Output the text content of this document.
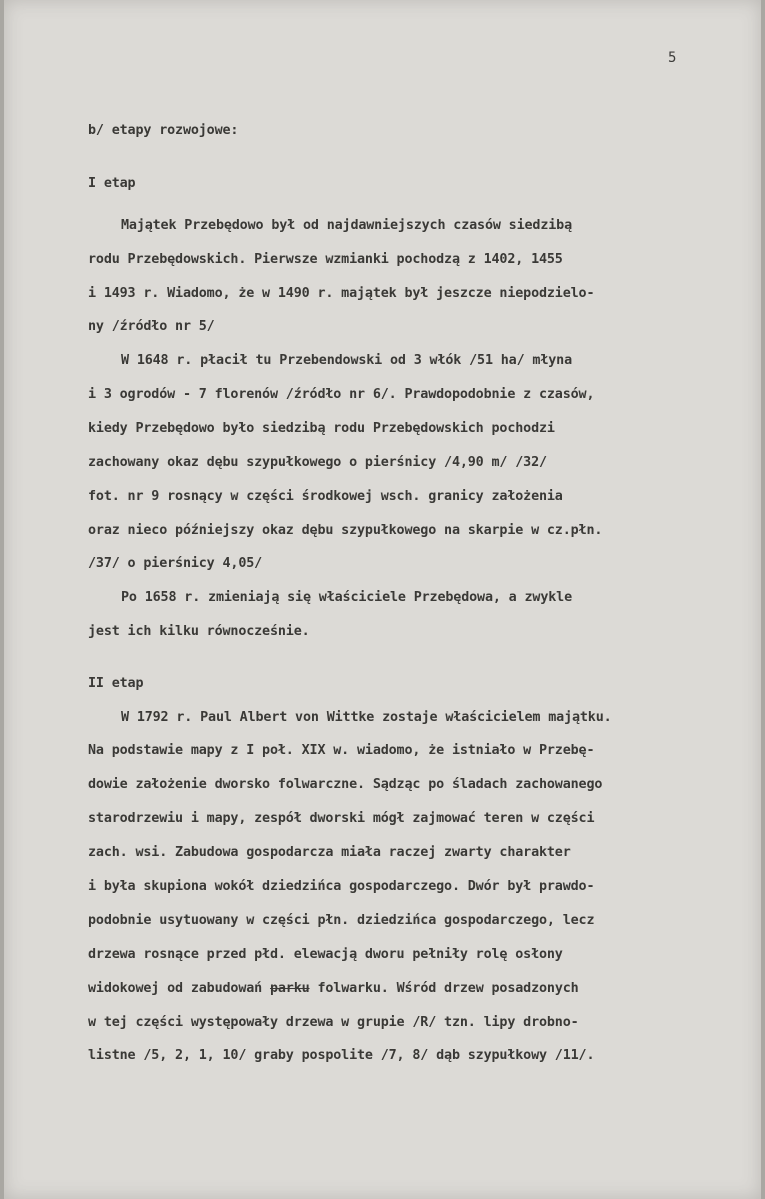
5
b/ etapy rozwojowe:
I etap
Majątek Przebędowo był od najdawniejszych czasów siedzibą
rodu Przebędowskich. Pierwsze wzmianki pochodzą z 1402, 1455
i 1493 r. Wiadomo, że w 1490 r. majątek był jeszcze niepodzielo-
ny /źródło nr 5/
W 1648 r. płacił tu Przebendowski od 3 włók /51 ha/ młyna
i 3 ogrodów - 7 florenów /źródło nr 6/. Prawdopodobnie z czasów,
kiedy Przebędowo było siedzibą rodu Przebędowskich pochodzi
zachowany okaz dębu szypułkowego o pierśnicy /4,90 m/ /32/
fot. nr 9 rosnący w części środkowej wsch. granicy założenia
oraz nieco późniejszy okaz dębu szypułkowego na skarpie w cz.płn.
/37/ o pierśnicy 4,05/
Po 1658 r. zmieniają się właściciele Przebędowa, a zwykle
jest ich kilku równocześnie.
II etap
W 1792 r. Paul Albert von Wittke zostaje właścicielem majątku.
Na podstawie mapy z I poł. XIX w. wiadomo, że istniało w Przebę-
dowie założenie dworsko folwarczne. Sądząc po śladach zachowanego
starodrzewiu i mapy, zespół dworski mógł zajmować teren w części
zach. wsi. Zabudowa gospodarcza miała raczej zwarty charakter
i była skupiona wokół dziedzińca gospodarczego. Dwór był prawdo-
podobnie usytuowany w części płn. dziedzińca gospodarczego, lecz
drzewa rosnące przed płd. elewacją dworu pełniły rolę osłony
widokowej od zabudowań parku folwarku. Wśród drzew posadzonych
w tej części występowały drzewa w grupie /R/ tzn. lipy drobno-
listne /5, 2, 1, 10/ graby pospolite /7, 8/ dąb szypułkowy /11/.
